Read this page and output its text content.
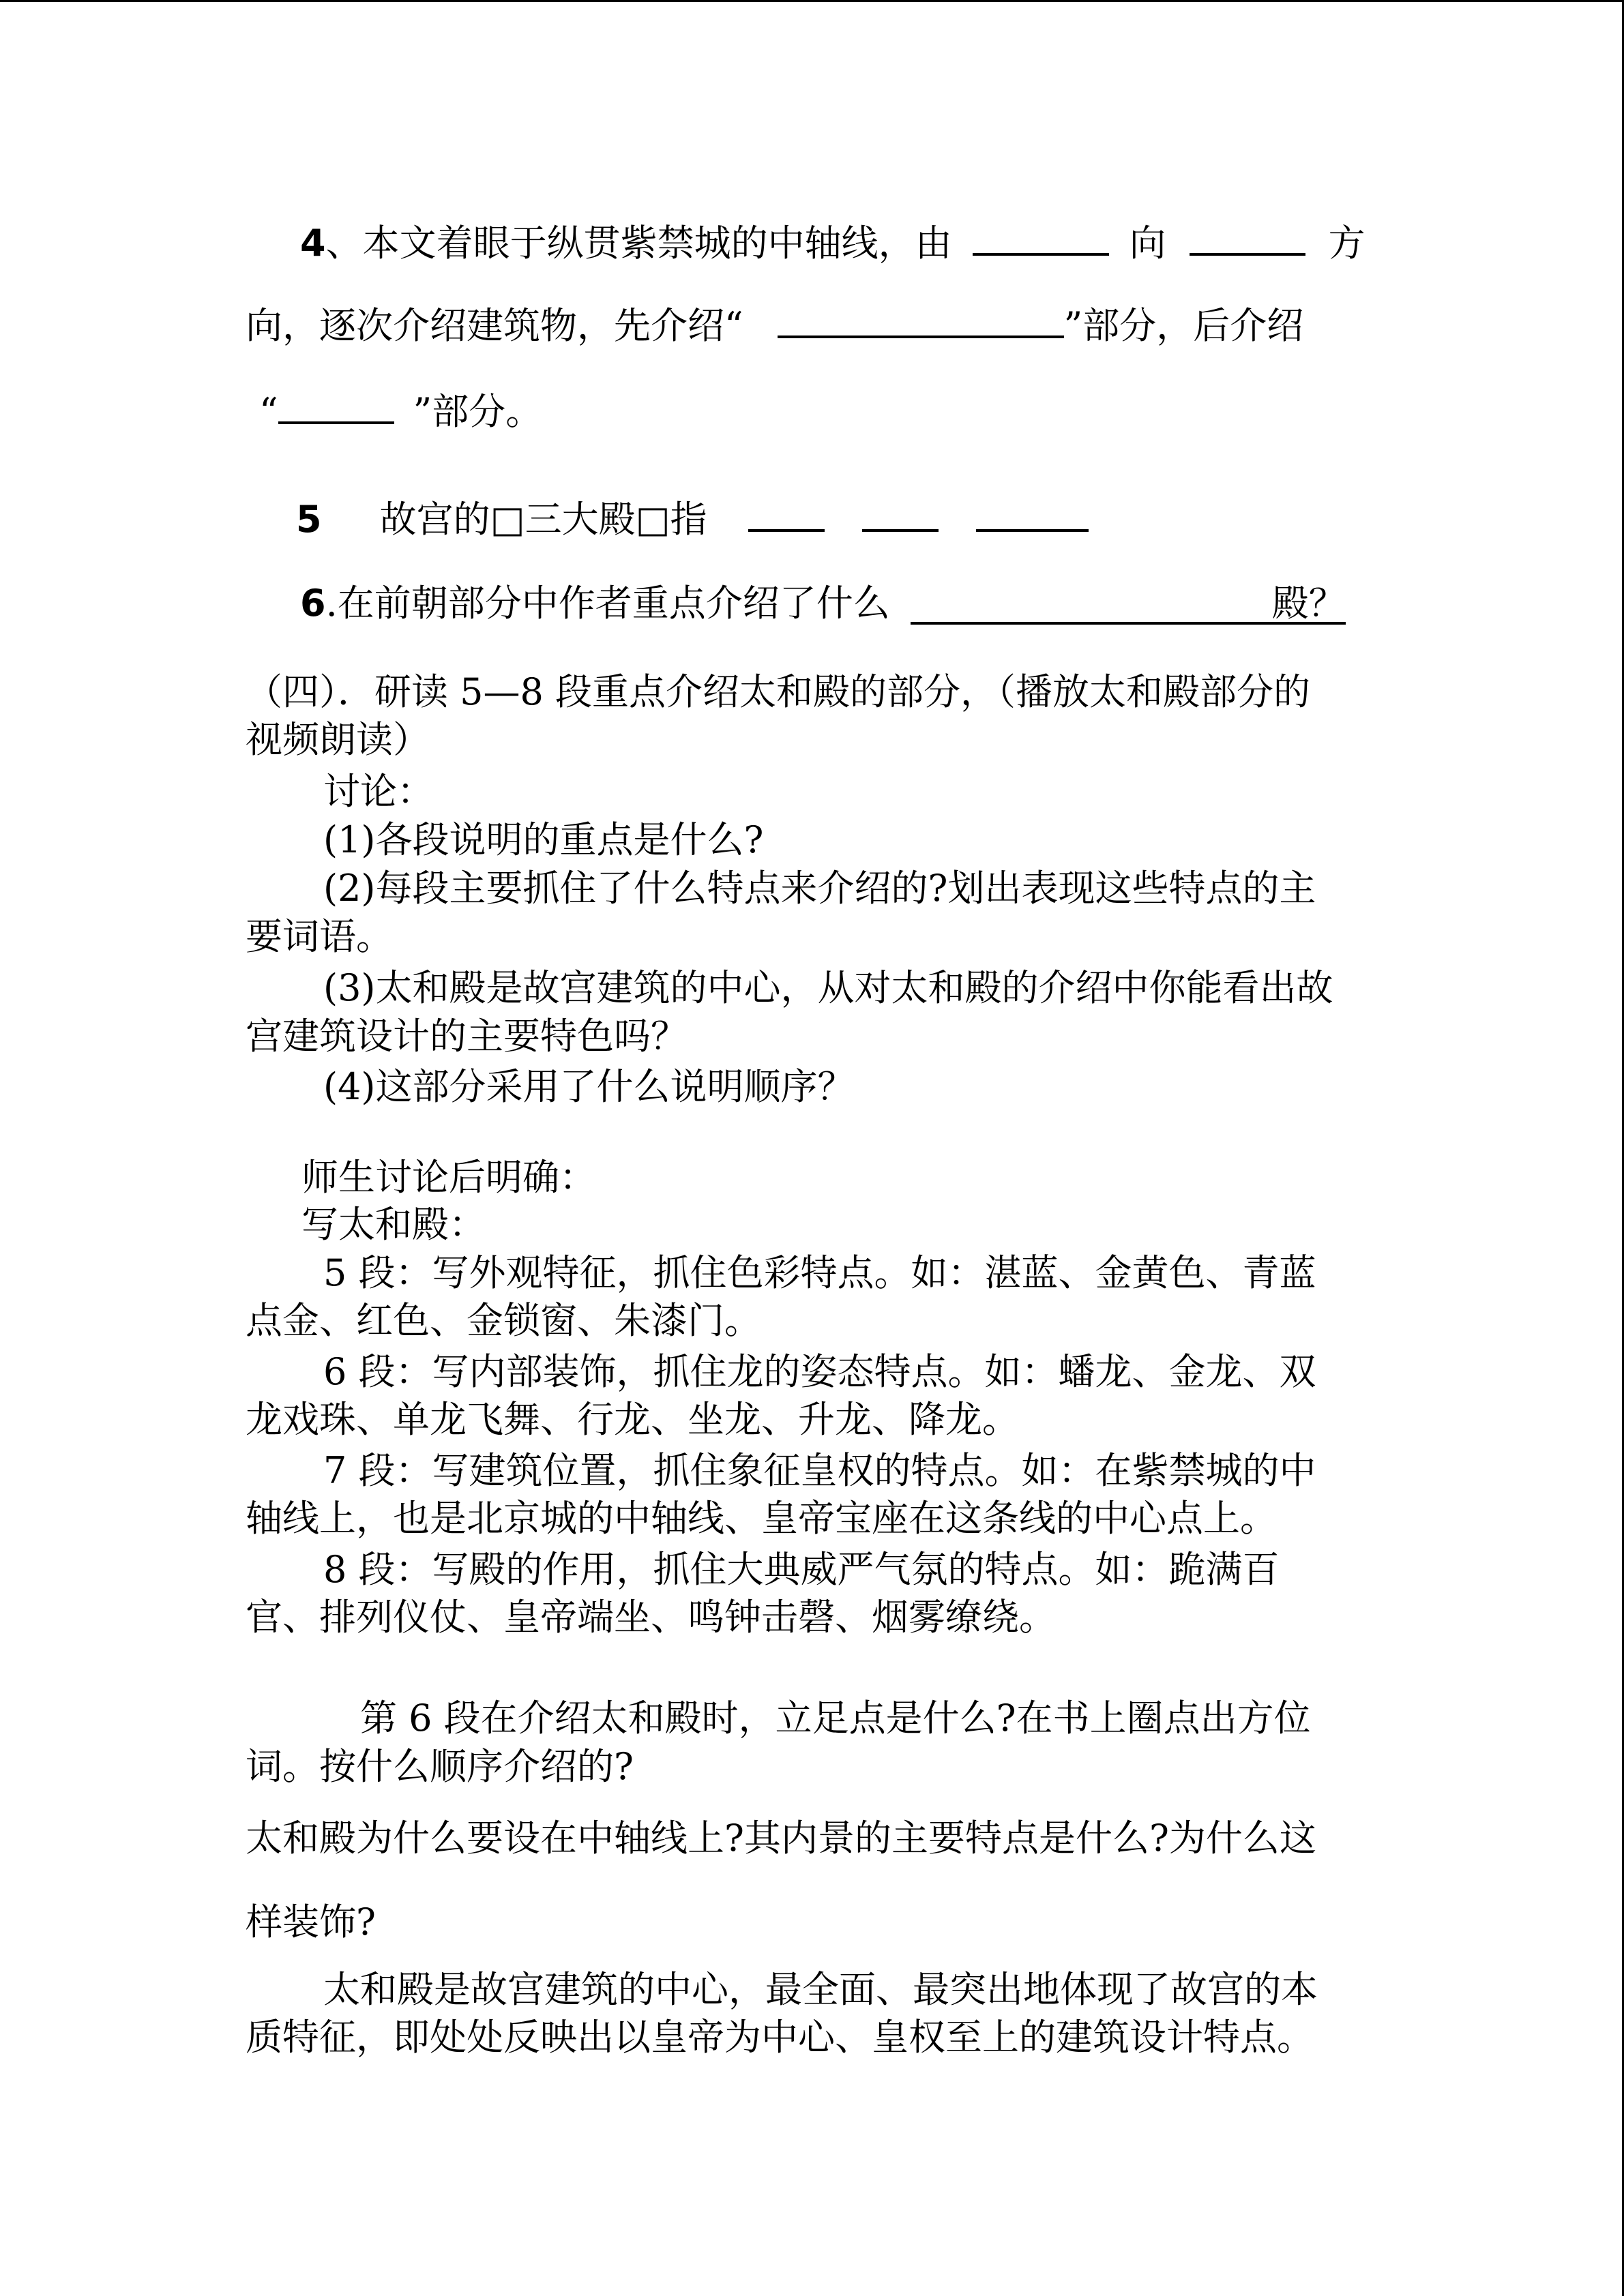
4、本文着眼于纵贯紫禁城的中轴线，由	向	方
向，逐次介绍建筑物，先介绍“	”部分，后介绍
“	”部分。
5 故宫的□三大殿□指
6.在前朝部分中作者重点介绍了什么	殿？
（四）．研读 5—8 段重点介绍太和殿的部分，（播放太和殿部分的
视频朗读）
讨论：
(1)各段说明的重点是什么?
(2)每段主要抓住了什么特点来介绍的?划出表现这些特点的主
要词语。
(3)太和殿是故宫建筑的中心，从对太和殿的介绍中你能看出故
宫建筑设计的主要特色吗？
(4)这部分采用了什么说明顺序？
师生讨论后明确：
写太和殿：
5 段：写外观特征，抓住色彩特点。如：湛蓝、金黄色、青蓝
点金、红色、金锁窗、朱漆门。
6 段：写内部装饰，抓住龙的姿态特点。如：蟠龙、金龙、双
龙戏珠、单龙飞舞、行龙、坐龙、升龙、降龙。
7 段：写建筑位置，抓住象征皇权的特点。如：在紫禁城的中
轴线上，也是北京城的中轴线、皇帝宝座在这条线的中心点上。
8 段：写殿的作用，抓住大典威严气氛的特点。如：跪满百
官、排列仪仗、皇帝端坐、鸣钟击磬、烟雾缭绕。
第 6 段在介绍太和殿时，立足点是什么?在书上圈点出方位
词。按什么顺序介绍的?
太和殿为什么要设在中轴线上?其内景的主要特点是什么?为什么这
样装饰?
太和殿是故宫建筑的中心，最全面、最突出地体现了故宫的本
质特征，即处处反映出以皇帝为中心、皇权至上的建筑设计特点。
